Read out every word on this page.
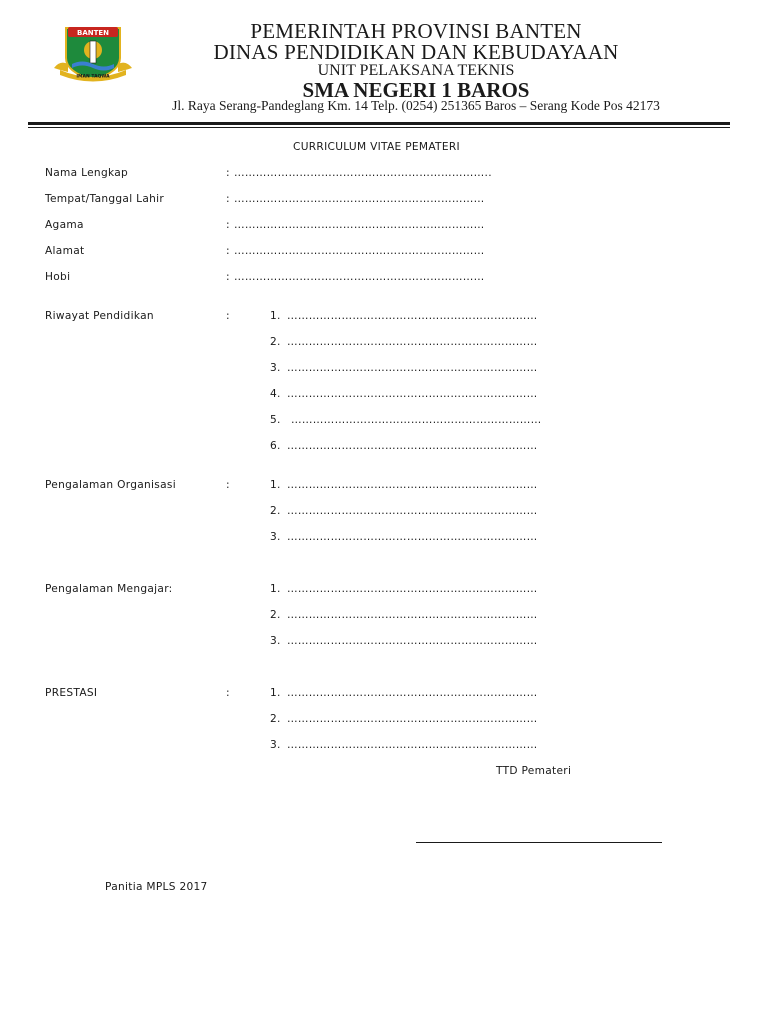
BANTEN
IMAN TAQWA
PEMERINTAH PROVINSI BANTEN
DINAS PENDIDIKAN DAN KEBUDAYAAN
UNIT PELAKSANA TEKNIS
SMA NEGERI 1 BAROS
Jl. Raya Serang-Pandeglang Km. 14 Telp. (0254) 251365 Baros – Serang Kode Pos 42173
CURRICULUM VITAE PEMATERI
Nama Lengkap	: ……………………………………………………………..
Tempat/Tanggal Lahir	: ……………………………………………………………
Agama	: ……………………………………………………………
Alamat	: ……………………………………………………………
Hobi	: ……………………………………………………………
Riwayat Pendidikan	:	1. ……………………………………………………………
2. ……………………………………………………………
3. ……………………………………………………………
4. ……………………………………………………………
5. ……………………………………………………………
6. ……………………………………………………………
Pengalaman Organisasi	:	1. ……………………………………………………………
2. ……………………………………………………………
3. ……………………………………………………………
Pengalaman Mengajar:	1. ……………………………………………………………
2. ……………………………………………………………
3. ……………………………………………………………
PRESTASI	:	1. ……………………………………………………………
2. ……………………………………………………………
3. ……………………………………………………………
TTD Pemateri
Panitia MPLS 2017
